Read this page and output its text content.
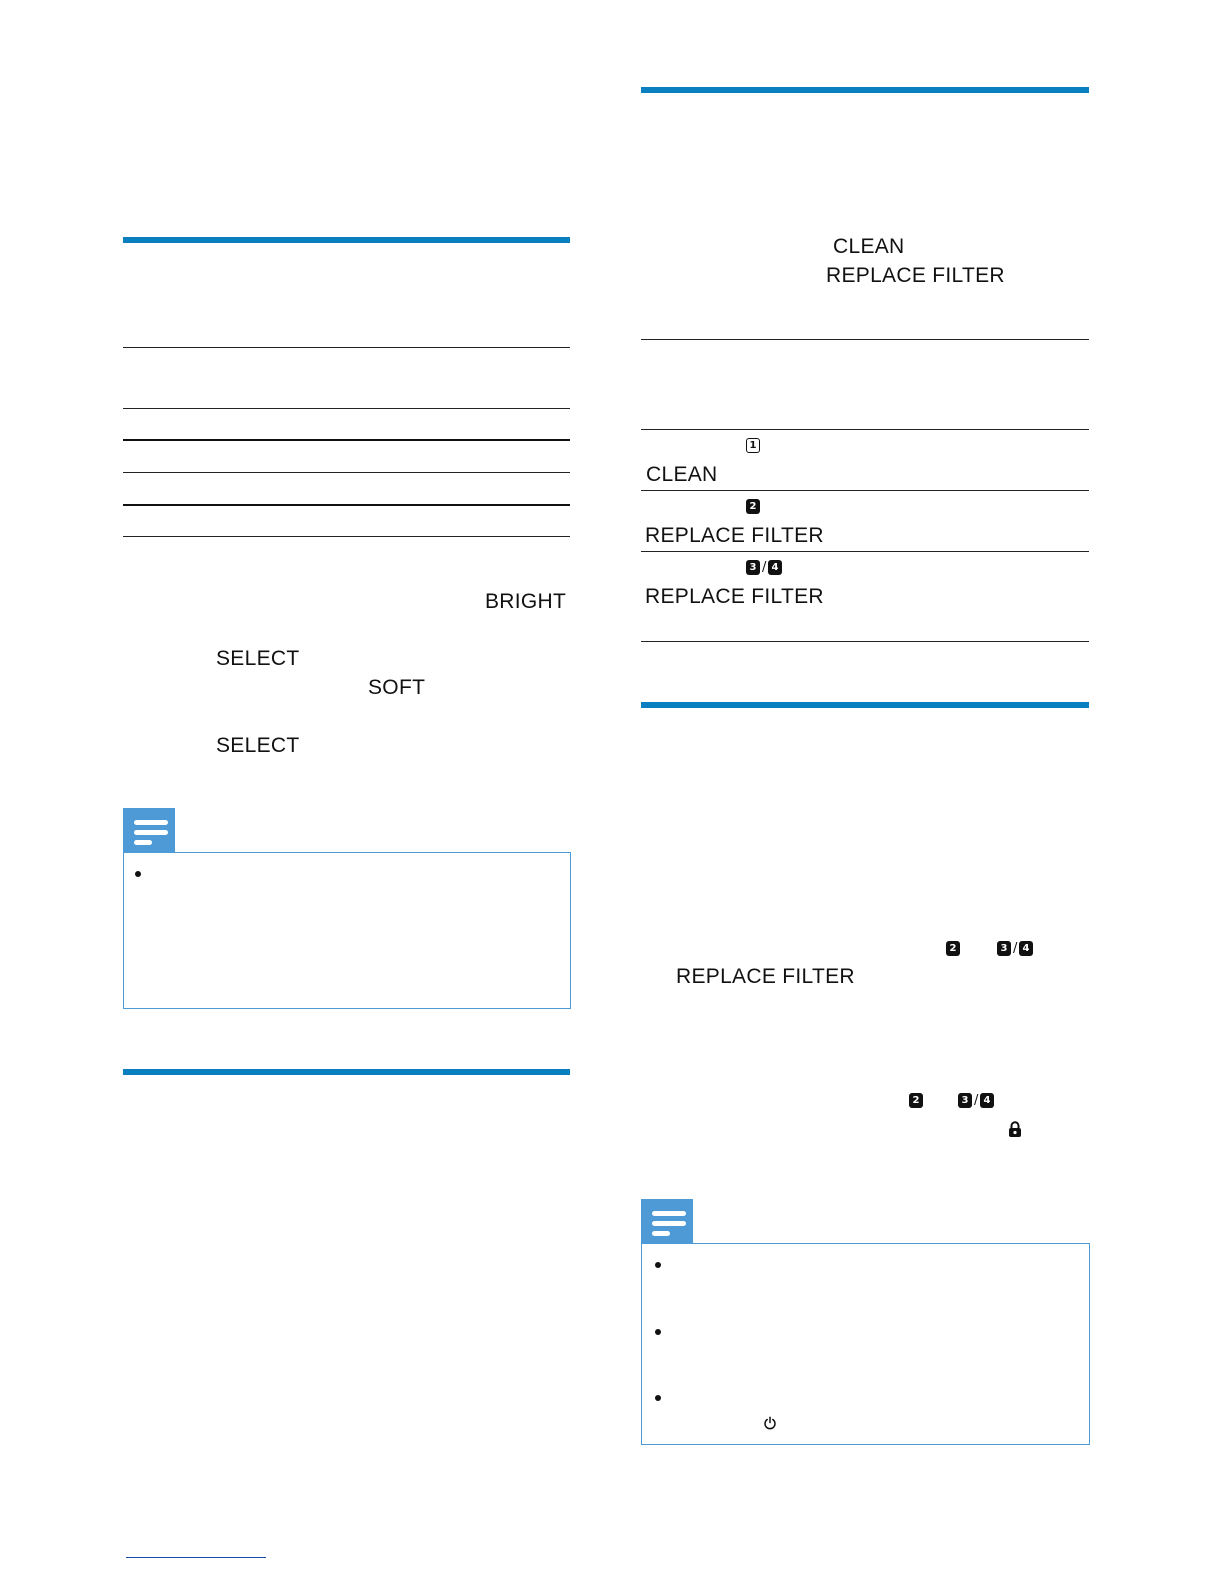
BRIGHT
SELECT
SOFT
SELECT
CLEAN
REPLACE FILTER
1
CLEAN
2
REPLACE FILTER
3 / 4
REPLACE FILTER
2	3 / 4
REPLACE FILTER
2	3 / 4
